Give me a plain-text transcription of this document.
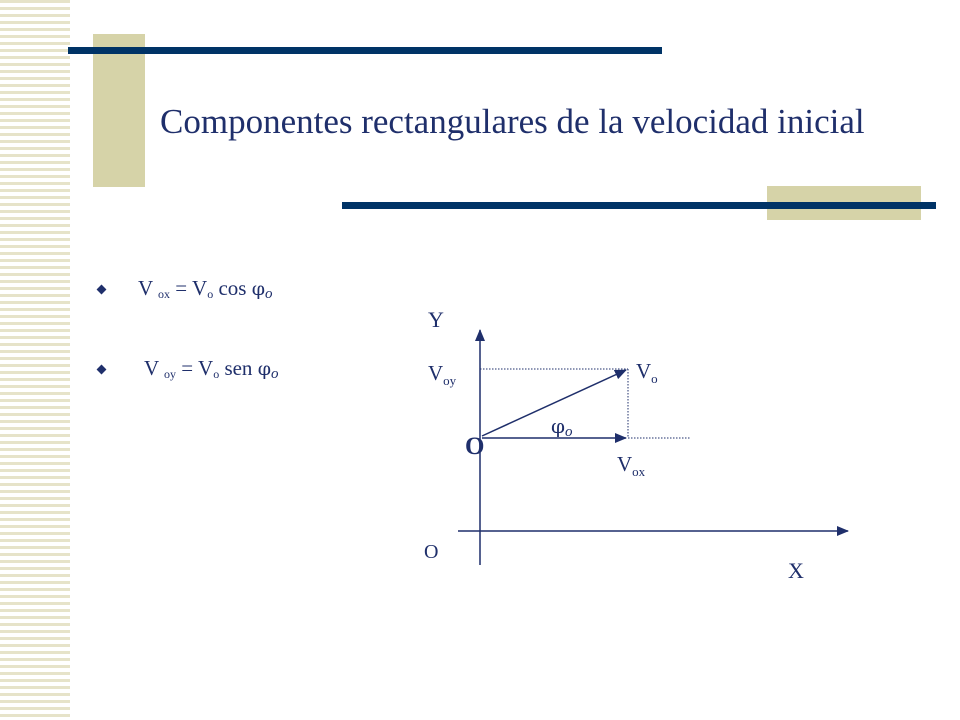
Componentes rectangulares de la velocidad inicial
V $_{ox} = V_o$ cos φo
V $_{oy} = V_o$ sen φo
Y
$V_{oy}$	$V_o$
φo
O
$V_{ox}$
O
X
